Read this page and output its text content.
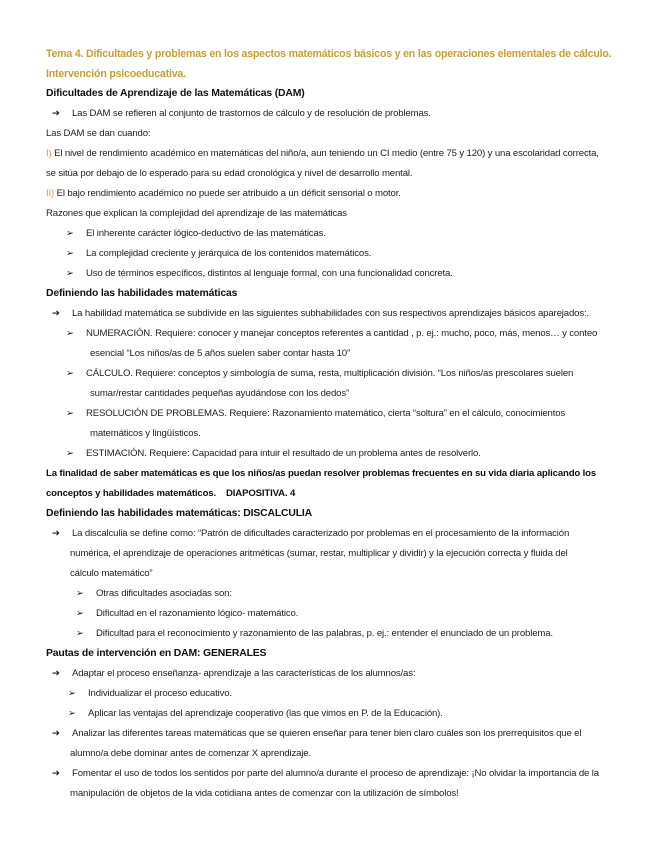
Tema 4. Dificultades y problemas en los aspectos matemáticos básicos y en las operaciones elementales de cálculo.
Intervención psicoeducativa.
Dificultades de Aprendizaje de las Matemáticas (DAM)
➔ Las DAM se refieren al conjunto de trastornos de cálculo y de resolución de problemas.
Las DAM se dan cuando:
I) El nivel de rendimiento académico en matemáticas del niño/a, aun teniendo un CI medio (entre 75 y 120) y una escolaridad correcta,
se sitúa por debajo de lo esperado para su edad cronológica y nivel de desarrollo mental.
II) El bajo rendimiento académico no puede ser atribuido a un déficit sensorial o motor.
Razones que explican la complejidad del aprendizaje de las matemáticas
➢ El inherente carácter lógico-deductivo de las matemáticas.
➢ La complejidad creciente y jerárquica de los contenidos matemáticos.
➢ Uso de términos específicos, distintos al lenguaje formal, con una funcionalidad concreta.
Definiendo las habilidades matemáticas
➔ La habilidad matemática se subdivide en las siguientes subhabilidades con sus respectivos aprendizajes básicos aparejados:.
➢ NUMERACIÓN. Requiere: conocer y manejar conceptos referentes a cantidad , p. ej.: mucho, poco, más, menos… y conteo
esencial “Los niños/as de 5 años suelen saber contar hasta 10”
➢ CÁLCULO. Requiere: conceptos y simbología de suma, resta, multiplicación división. “Los niños/as prescolares suelen
sumar/restar cantidades pequeñas ayudándose con los dedos”
➢ RESOLUCIÓN DE PROBLEMAS. Requiere: Razonamiento matemático, cierta “soltura” en el cálculo, conocimientos
matemáticos y lingüísticos.
➢ ESTIMACIÓN. Requiere: Capacidad para intuir el resultado de un problema antes de resolverlo.
La finalidad de saber matemáticas es que los niños/as puedan resolver problemas frecuentes en su vida diaria aplicando los
conceptos y habilidades matemáticos. DIAPOSITIVA. 4
Definiendo las habilidades matemáticas: DISCALCULIA
➔ La discalculia se define como: “Patrón de dificultades caracterizado por problemas en el procesamiento de la información
numérica, el aprendizaje de operaciones aritméticas (sumar, restar, multiplicar y dividir) y la ejecución correcta y fluida del
cálculo matemático”
➢ Otras dificultades asociadas son:
➢ Dificultad en el razonamiento lógico- matemático.
➢ Dificultad para el reconocimiento y razonamiento de las palabras, p. ej.: entender el enunciado de un problema.
Pautas de intervención en DAM: GENERALES
➔ Adaptar el proceso enseñanza- aprendizaje a las características de los alumnos/as:
➢ Individualizar el proceso educativo.
➢ Aplicar las ventajas del aprendizaje cooperativo (las que vimos en P. de la Educación).
➔ Analizar las diferentes tareas matemáticas que se quieren enseñar para tener bien claro cuáles son los prerrequisitos que el
alumno/a debe dominar antes de comenzar X aprendizaje.
➔ Fomentar el uso de todos los sentidos por parte del alumno/a durante el proceso de aprendizaje: ¡No olvidar la importancia de la
manipulación de objetos de la vida cotidiana antes de comenzar con la utilización de símbolos!
